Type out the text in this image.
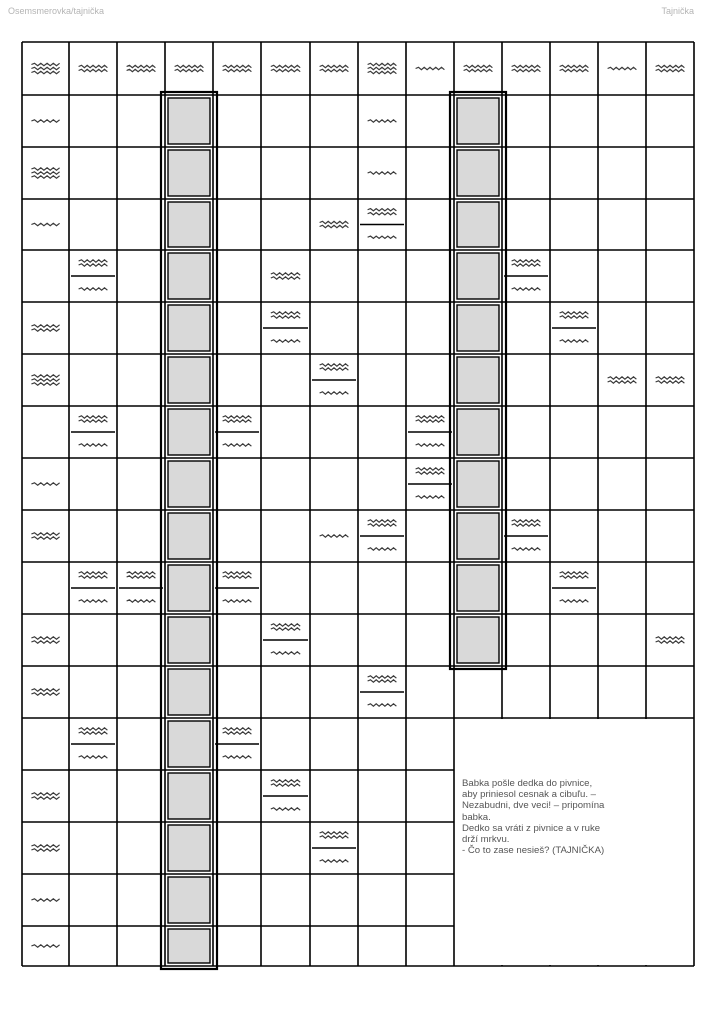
Osemsmerovka/tajnička	Tajnička
Babka pošle dedka do pivnice,
aby priniesol cesnak a cibuľu. –
Nezabudni, dve veci! – pripomína
babka.
Dedko sa vráti z pivnice a v ruke
drží mrkvu.
- Čo to zase nesieš? (TAJNIČKA)
